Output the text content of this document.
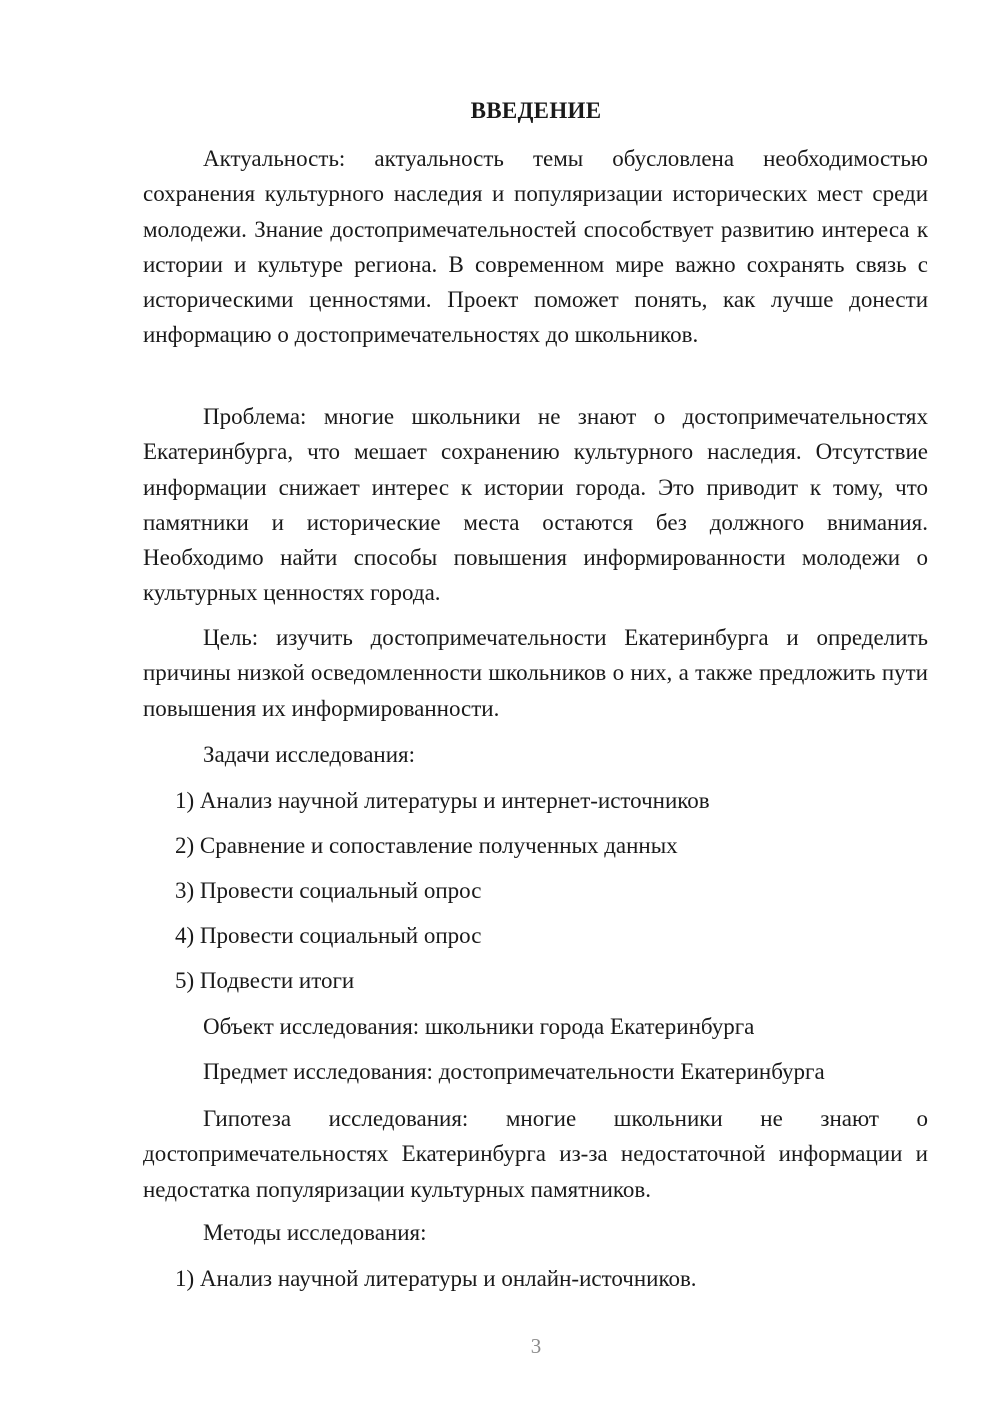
ВВЕДЕНИЕ

Актуальность: актуальность темы обусловлена необходимостью сохранения культурного наследия и популяризации исторических мест среди молодежи. Знание достопримечательностей способствует развитию интереса к истории и культуре региона. В современном мире важно сохранять связь с историческими ценностями. Проект поможет понять, как лучше донести информацию о достопримечательностях до школьников.

Проблема: многие школьники не знают о достопримечательностях Екатеринбурга, что мешает сохранению культурного наследия. Отсутствие информации снижает интерес к истории города. Это приводит к тому, что памятники и исторические места остаются без должного внимания. Необходимо найти способы повышения информированности молодежи о культурных ценностях города.

Цель: изучить достопримечательности Екатеринбурга и определить причины низкой осведомленности школьников о них, а также предложить пути повышения их информированности.

Задачи исследования:
1) Анализ научной литературы и интернет-источников
2) Сравнение и сопоставление полученных данных
3) Провести социальный опрос
4) Провести социальный опрос
5) Подвести итоги
Объект исследования: школьники города Екатеринбурга
Предмет исследования: достопримечательности Екатеринбурга

Гипотеза исследования: многие школьники не знают о достопримечательностях Екатеринбурга из-за недостаточной информации и недостатка популяризации культурных памятников.

Методы исследования:
1) Анализ научной литературы и онлайн-источников.
3
